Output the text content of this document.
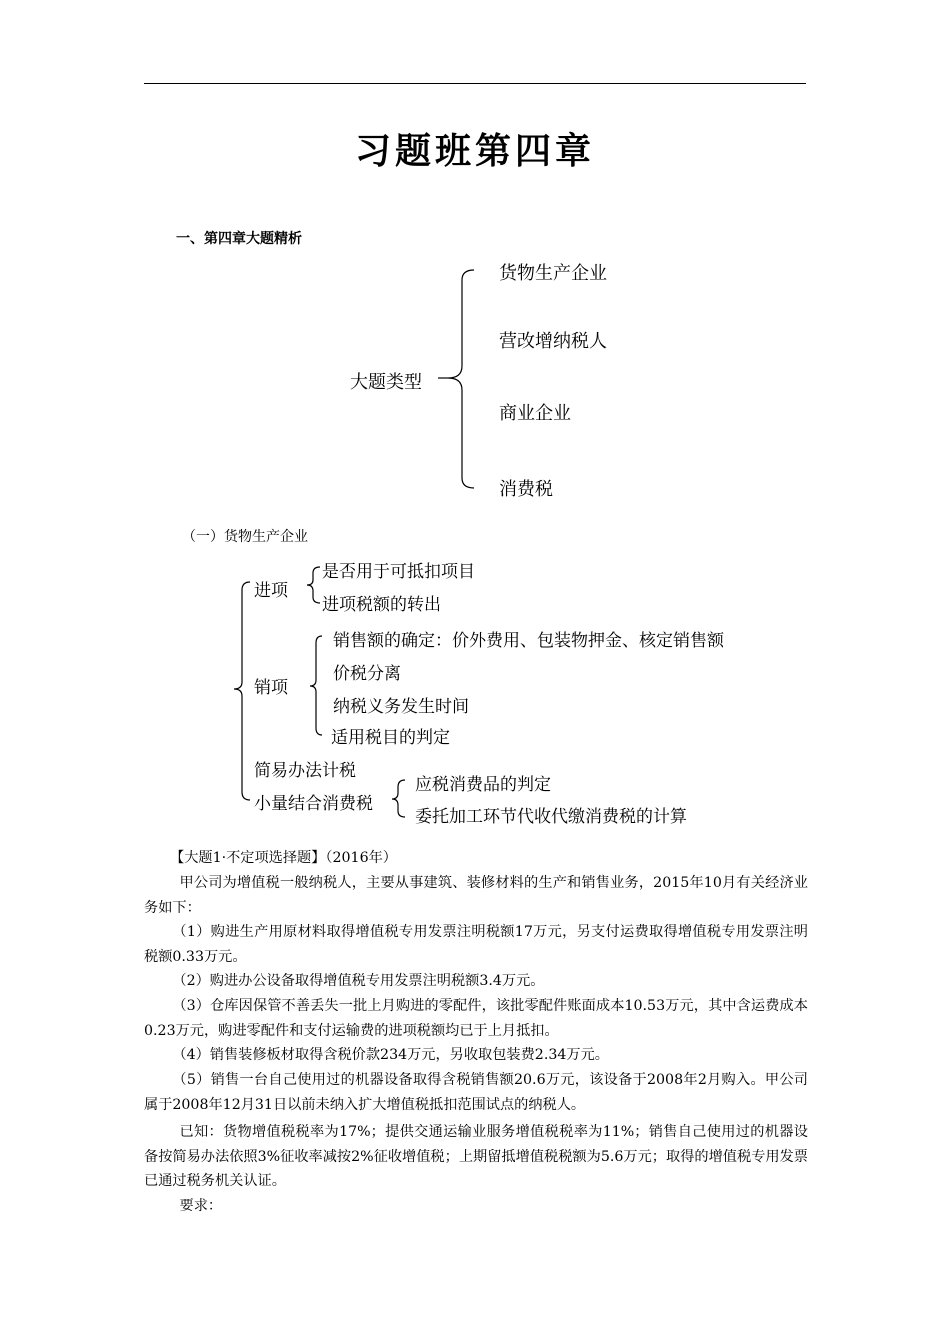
习题班第四章
一、第四章大题精析
大题类型
货物生产企业
营改增纳税人
商业企业
消费税
（一）货物生产企业
进项
是否用于可抵扣项目
进项税额的转出
销项
销售额的确定：价外费用、包装物押金、核定销售额
价税分离
纳税义务发生时间
适用税目的判定
简易办法计税
小量结合消费税
应税消费品的判定
委托加工环节代收代缴消费税的计算
【大题1·不定项选择题】（2016年）
甲公司为增值税一般纳税人，主要从事建筑、装修材料的生产和销售业务，2015年10月有关经济业务如下：
（1）购进生产用原材料取得增值税专用发票注明税额17万元，另支付运费取得增值税专用发票注明税额0.33万元。
（2）购进办公设备取得增值税专用发票注明税额3.4万元。
（3）仓库因保管不善丢失一批上月购进的零配件，该批零配件账面成本10.53万元，其中含运费成本0.23万元，购进零配件和支付运输费的进项税额均已于上月抵扣。
（4）销售装修板材取得含税价款234万元，另收取包装费2.34万元。
（5）销售一台自己使用过的机器设备取得含税销售额20.6万元，该设备于2008年2月购入。甲公司属于2008年12月31日以前未纳入扩大增值税抵扣范围试点的纳税人。
已知：货物增值税税率为17%；提供交通运输业服务增值税税率为11%；销售自己使用过的机器设备按简易办法依照3%征收率减按2%征收增值税；上期留抵增值税税额为5.6万元；取得的增值税专用发票已通过税务机关认证。
要求：
